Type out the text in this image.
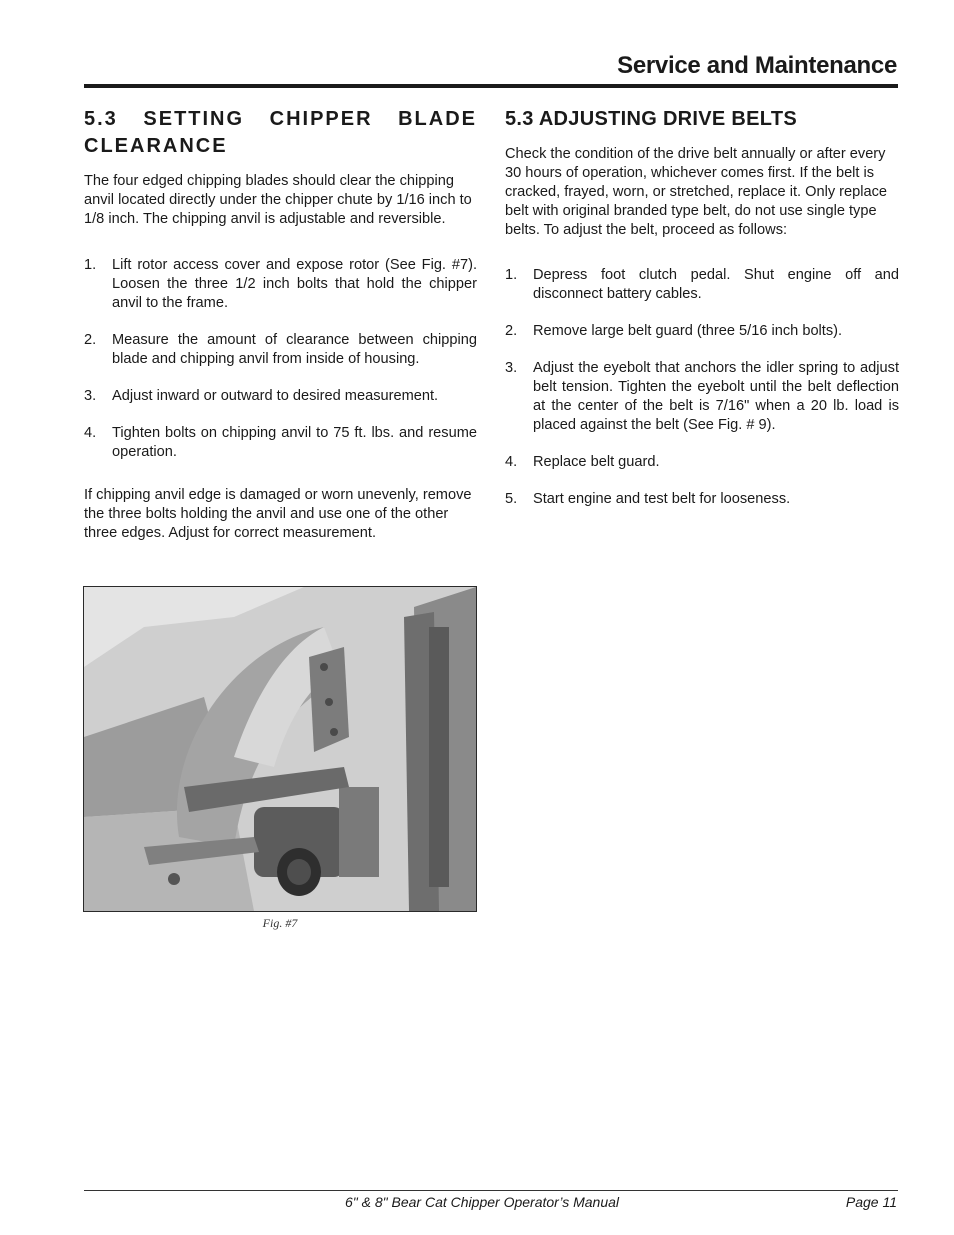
Service and Maintenance
5.3 SETTING CHIPPER BLADE CLEARANCE

The four edged chipping blades should clear the chipping anvil located directly under the chipper chute by 1/16 inch to 1/8 inch. The chipping anvil is adjustable and reversible.

1. Lift rotor access cover and expose rotor (See Fig. #7). Loosen the three 1/2 inch bolts that hold the chipper anvil to the frame.
2. Measure the amount of clearance between chipping blade and chipping anvil from inside of housing.
3. Adjust inward or outward to desired measurement.
4. Tighten bolts on chipping anvil to 75 ft. lbs. and resume operation.

If chipping anvil edge is damaged or worn unevenly, remove the three bolts holding the anvil and use one of the other three edges. Adjust for correct measurement.

Fig. #7
5.3 ADJUSTING DRIVE BELTS

Check the condition of the drive belt annually or after every 30 hours of operation, whichever comes first. If the belt is cracked, frayed, worn, or stretched, replace it. Only replace belt with original branded type belt, do not use single type belts. To adjust the belt, proceed as follows:

1. Depress foot clutch pedal. Shut engine off and disconnect battery cables.
2. Remove large belt guard (three 5/16 inch bolts).
3. Adjust the eyebolt that anchors the idler spring to adjust belt tension. Tighten the eyebolt until the belt deflection at the center of the belt is 7/16" when a 20 lb. load is placed against the belt (See Fig. # 9).
4. Replace belt guard.
5. Start engine and test belt for looseness.
6" & 8" Bear Cat Chipper Operator’s Manual	Page 11
